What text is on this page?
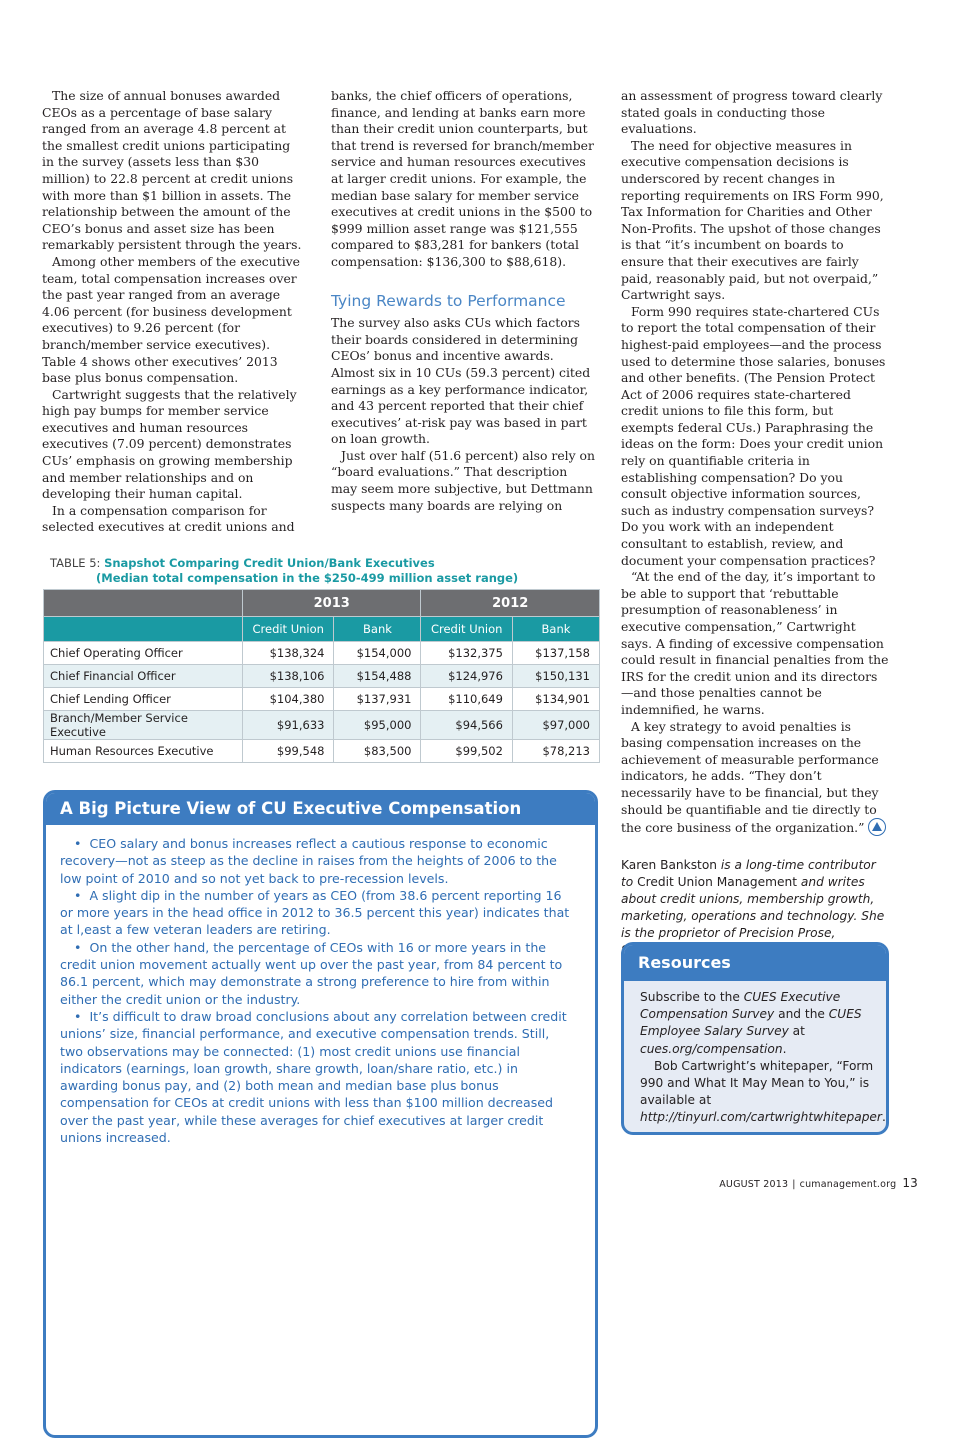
The size of annual bonuses awarded CEOs as a percentage of base salary ranged from an average 4.8 percent at the smallest credit unions participating in the survey (assets less than $30 million) to 22.8 percent at credit unions with more than $1 billion in assets. The relationship between the amount of the CEO’s bonus and asset size has been remarkably persistent through the years.

Among other members of the executive team, total compensation increases over the past year ranged from an average 4.06 percent (for business development executives) to 9.26 percent (for branch/member service executives). Table 4 shows other executives’ 2013 base plus bonus compensation.

Cartwright suggests that the relatively high pay bumps for member service executives and human resources executives (7.09 percent) demonstrates CUs’ emphasis on growing membership and member relationships and on developing their human capital.

In a compensation comparison for selected executives at credit unions and

banks, the chief officers of operations, finance, and lending at banks earn more than their credit union counterparts, but that trend is reversed for branch/member service and human resources executives at larger credit unions. For example, the median base salary for member service executives at credit unions in the $500 to $999 million asset range was $121,555 compared to $83,281 for bankers (total compensation: $136,300 to $88,618).

Tying Rewards to Performance

The survey also asks CUs which factors their boards considered in determining CEOs’ bonus and incentive awards. Almost six in 10 CUs (59.3 percent) cited earnings as a key performance indicator, and 43 percent reported that their chief executives’ at-risk pay was based in part on loan growth.

Just over half (51.6 percent) also rely on “board evaluations.” That description may seem more subjective, but Dettmann suspects many boards are relying on

an assessment of progress toward clearly stated goals in conducting those evaluations.

The need for objective measures in executive compensation decisions is underscored by recent changes in reporting requirements on IRS Form 990, Tax Information for Charities and Other Non-Profits. The upshot of those changes is that “it’s incumbent on boards to ensure that their executives are fairly paid, reasonably paid, but not overpaid,” Cartwright says.

Form 990 requires state-chartered CUs to report the total compensation of their highest-paid employees—and the process used to determine those salaries, bonuses and other benefits. (The Pension Protect Act of 2006 requires state-chartered credit unions to file this form, but exempts federal CUs.) Paraphrasing the ideas on the form: Does your credit union rely on quantifiable criteria in establishing compensation? Do you consult objective information sources, such as industry compensation surveys? Do you work with an independent consultant to establish, review, and document your compensation practices?

“At the end of the day, it’s important to be able to support that ‘rebuttable presumption of reasonableness’ in executive compensation,” Cartwright says. A finding of excessive compensation could result in financial penalties from the IRS for the credit union and its directors—and those penalties cannot be indemnified, he warns.

A key strategy to avoid penalties is basing compensation increases on the achievement of measurable performance indicators, he adds. “They don’t necessarily have to be financial, but they should be quantifiable and tie directly to the core business of the organization.”

Karen Bankston is a long-time contributor to Credit Union Management and writes about credit unions, membership growth, marketing, operations and technology. She is the proprietor of Precision Prose,
TABLE 5: Snapshot Comparing Credit Union/Bank Executives
(Median total compensation in the $250-499 million asset range)
	2013		2012	
	Credit Union	Bank	Credit Union	Bank
Chief Operating Officer	$138,324	$154,000	$132,375	$137,158
Chief Financial Officer	$138,106	$154,488	$124,976	$150,131
Chief Lending Officer	$104,380	$137,931	$110,649	$134,901
Branch/Member Service Executive	$91,633	$95,000	$94,566	$97,000
Human Resources Executive	$99,548	$83,500	$99,502	$78,213
A Big Picture View of CU Executive Compensation

•  CEO salary and bonus increases reflect a cautious response to economic recovery—not as steep as the decline in raises from the heights of 2006 to the low point of 2010 and so not yet back to pre-recession levels.

•  A slight dip in the number of years as CEO (from 38.6 percent reporting 16 or more years in the head office in 2012 to 36.5 percent this year) indicates that at l,east a few veteran leaders are retiring.

•  On the other hand, the percentage of CEOs with 16 or more years in the credit union movement actually went up over the past year, from 84 percent to 86.1 percent, which may demonstrate a strong preference to hire from within either the credit union or the industry.

•  It’s difficult to draw broad conclusions about any correlation between credit unions’ size, financial performance, and executive compensation trends. Still, two observations may be connected: (1) most credit unions use financial indicators (earnings, loan growth, share growth, loan/share ratio, etc.) in awarding bonus pay, and (2) both mean and median base plus bonus compensation for CEOs at credit unions with less than $100 million decreased over the past year, while these averages for chief executives at larger credit unions increased.

Resources

Subscribe to the CUES Executive Compensation Survey and the CUES Employee Salary Survey at cues.org/compensation.

Bob Cartwright’s whitepaper, “Form 990 and What It May Mean to You,” is available at http://tinyurl.com/cartwrightwhitepaper.

AUGUST 2013 | cumanagement.org 13
